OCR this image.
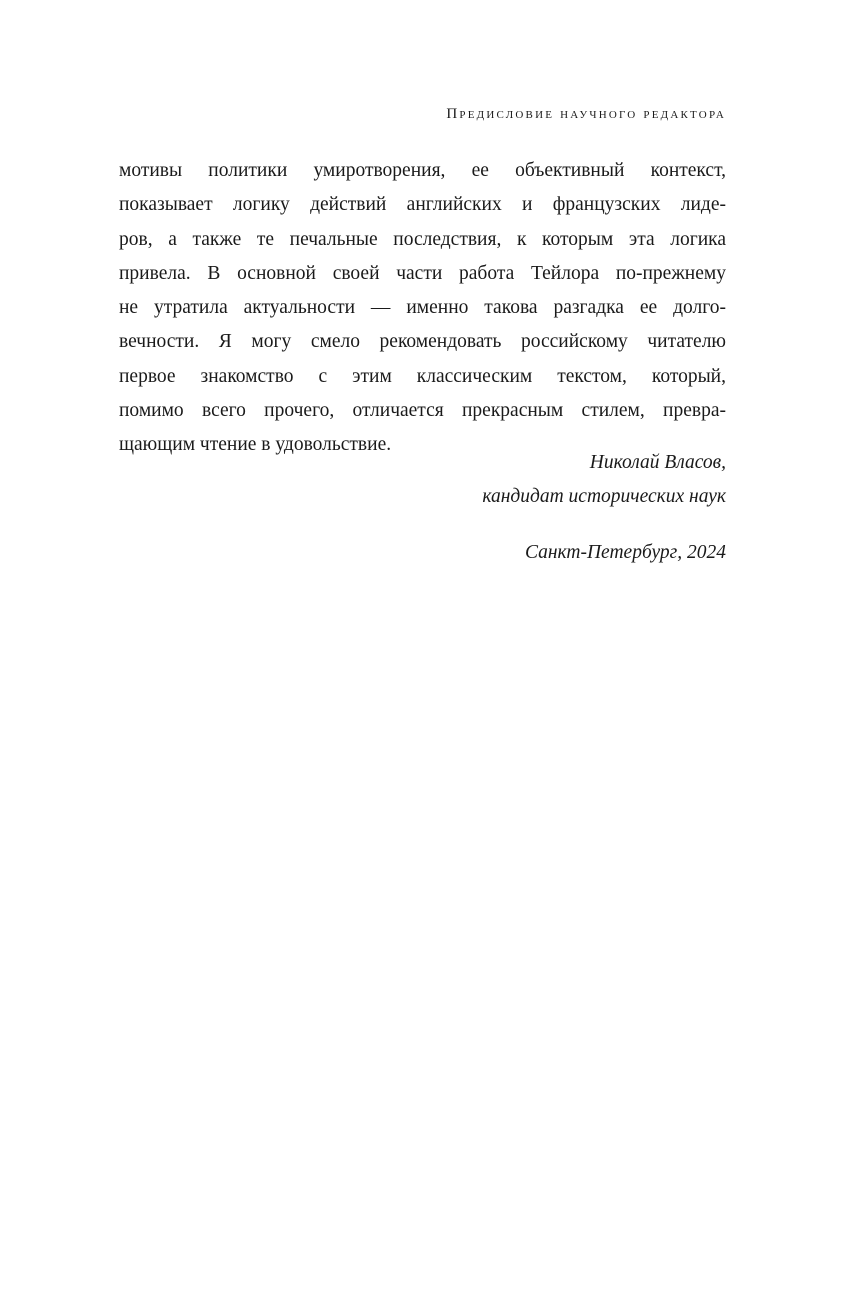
Предисловие научного редактора
мотивы политики умиротворения, ее объективный контекст,
показывает логику действий английских и французских лиде-
ров, а также те печальные последствия, к которым эта логика
привела. В основной своей части работа Тейлора по-прежнему
не утратила актуальности — именно такова разгадка ее долго-
вечности. Я могу смело рекомендовать российскому читателю
первое знакомство с этим классическим текстом, который,
помимо всего прочего, отличается прекрасным стилем, превра-
щающим чтение в удовольствие.
Николай Власов,
кандидат исторических наук
Санкт-Петербург, 2024
